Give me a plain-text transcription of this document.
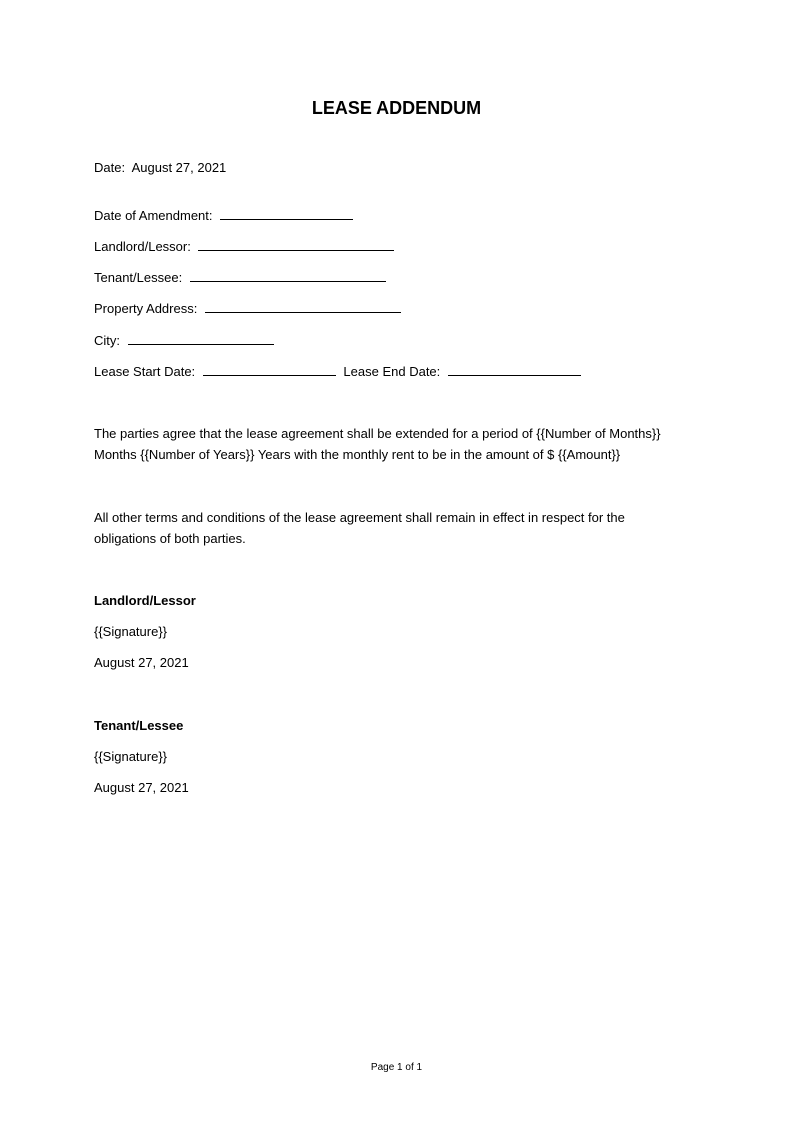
LEASE ADDENDUM
Date: August 27, 2021
Date of Amendment:
Landlord/Lessor:
Tenant/Lessee:
Property Address:
City:
Lease Start Date:	Lease End Date:
The parties agree that the lease agreement shall be extended for a period of {{Number of Months}}
Months {{Number of Years}} Years with the monthly rent to be in the amount of $ {{Amount}}
All other terms and conditions of the lease agreement shall remain in effect in respect for the
obligations of both parties.
Landlord/Lessor
{{Signature}}
August 27, 2021
Tenant/Lessee
{{Signature}}
August 27, 2021
Page 1 of 1
